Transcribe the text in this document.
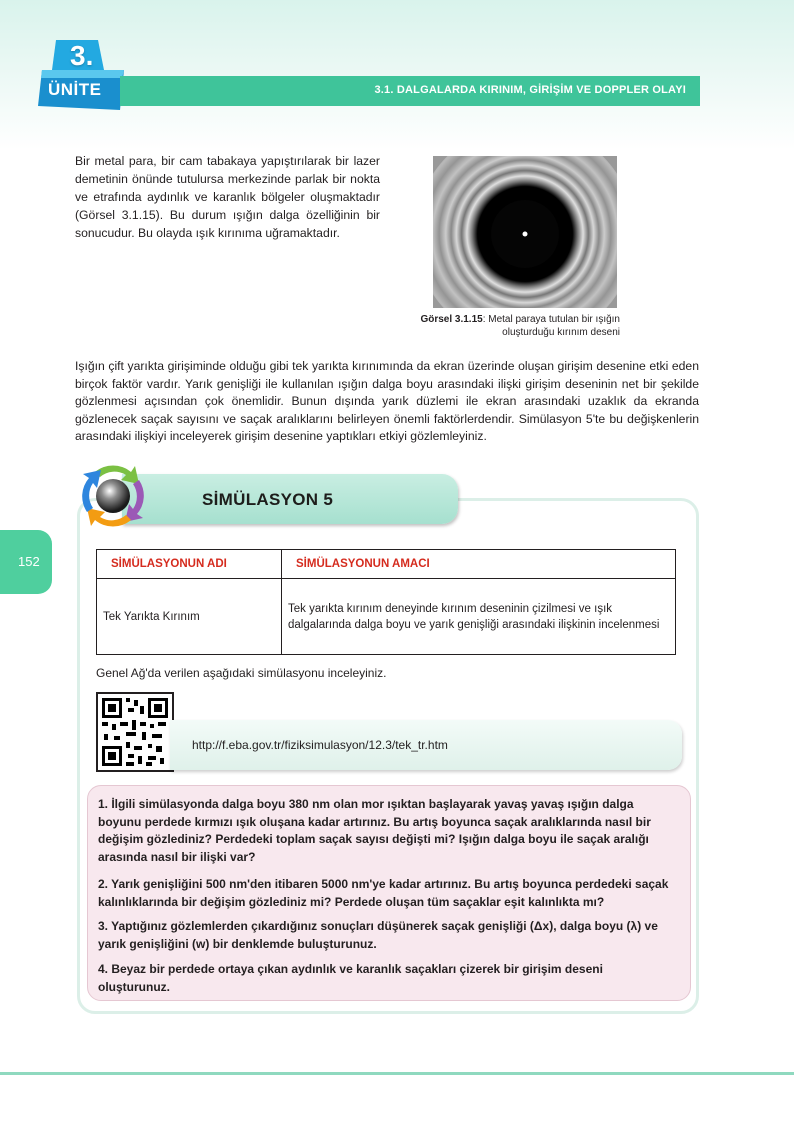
3.
ÜNİTE	3.1. DALGALARDA KIRINIM, GİRİŞİM VE DOPPLER OLAYI

Bir metal para, bir cam tabakaya yapıştırılarak bir lazer demetinin önünde tutulursa merkezinde parlak bir nokta ve etrafında aydınlık ve karanlık bölgeler oluşmaktadır (Görsel 3.1.15). Bu durum ışığın dalga özelliğinin bir sonucudur. Bu olayda ışık kırınıma uğramaktadır.

Görsel 3.1.15: Metal paraya tutulan bir ışığın oluşturduğu kırınım deseni

Işığın çift yarıkta girişiminde olduğu gibi tek yarıkta kırınımında da ekran üzerinde oluşan girişim desenine etki eden birçok faktör vardır. Yarık genişliği ile kullanılan ışığın dalga boyu arasındaki ilişki girişim deseninin net bir şekilde gözlenmesi açısından çok önemlidir. Bunun dışında yarık düzlemi ile ekran arasındaki uzaklık da ekranda gözlenecek saçak sayısını ve saçak aralıklarını belirleyen önemli faktörlerdendir. Simülasyon 5'te bu değişkenlerin arasındaki ilişkiyi inceleyerek girişim desenine yaptıkları etkiyi gözlemleyiniz.

SİMÜLASYON 5
152	SİMÜLASYONUN ADI	SİMÜLASYONUN AMACI
Tek Yarıkta Kırınım	Tek yarıkta kırınım deneyinde kırınım deseninin çizilmesi ve ışık dalgalarında dalga boyu ve yarık genişliği arasındaki ilişkinin incelenmesi
Genel Ağ'da verilen aşağıdaki simülasyonu inceleyiniz.
http://f.eba.gov.tr/fiziksimulasyon/12.3/tek_tr.htm
1. İlgili simülasyonda dalga boyu 380 nm olan mor ışıktan başlayarak yavaş yavaş ışığın dalga boyunu perdede kırmızı ışık oluşana kadar artırınız. Bu artış boyunca saçak aralıklarında nasıl bir değişim gözlediniz? Perdedeki toplam saçak sayısı değişti mi? Işığın dalga boyu ile saçak aralığı arasında nasıl bir ilişki var?
2. Yarık genişliğini 500 nm'den itibaren 5000 nm'ye kadar artırınız. Bu artış boyunca perdedeki saçak kalınlıklarında bir değişim gözlediniz mi? Perdede oluşan tüm saçaklar eşit kalınlıkta mı?
3. Yaptığınız gözlemlerden çıkardığınız sonuçları düşünerek saçak genişliği (Δx), dalga boyu (λ) ve yarık genişliğini (w) bir denklemde buluşturunuz.
4. Beyaz bir perdede ortaya çıkan aydınlık ve karanlık saçakları çizerek bir girişim deseni oluşturunuz.
